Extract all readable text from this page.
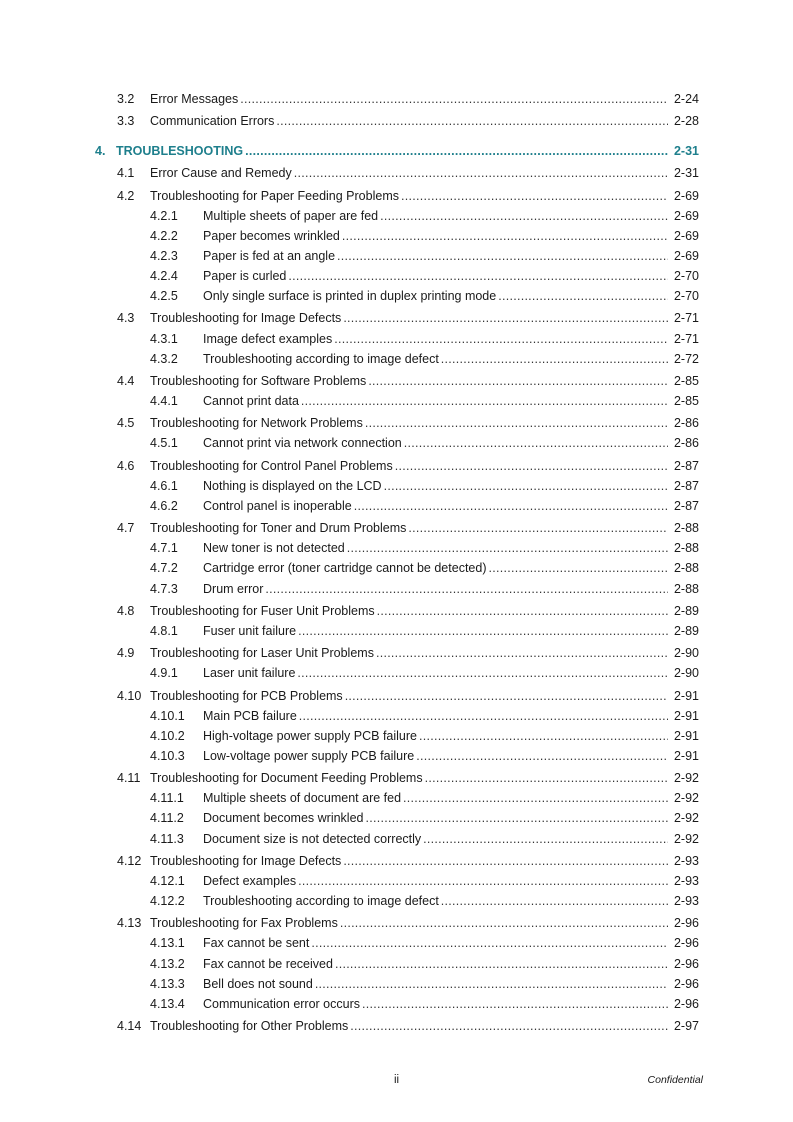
3.2 Error Messages . . .	2-24
3.3 Communication Errors . . .	2-28
4. TROUBLESHOOTING . . .	2-31
4.1 Error Cause and Remedy . . .	2-31
4.2 Troubleshooting for Paper Feeding Problems . . .	2-69
4.2.1 Multiple sheets of paper are fed . . .	2-69
4.2.2 Paper becomes wrinkled . . .	2-69
4.2.3 Paper is fed at an angle . . .	2-69
4.2.4 Paper is curled . . .	2-70
4.2.5 Only single surface is printed in duplex printing mode . . .	2-70
4.3 Troubleshooting for Image Defects . . .	2-71
4.3.1 Image defect examples . . .	2-71
4.3.2 Troubleshooting according to image defect . . .	2-72
4.4 Troubleshooting for Software Problems . . .	2-85
4.4.1 Cannot print data . . .	2-85
4.5 Troubleshooting for Network Problems . . .	2-86
4.5.1 Cannot print via network connection . . .	2-86
4.6 Troubleshooting for Control Panel Problems . . .	2-87
4.6.1 Nothing is displayed on the LCD . . .	2-87
4.6.2 Control panel is inoperable . . .	2-87
4.7 Troubleshooting for Toner and Drum Problems . . .	2-88
4.7.1 New toner is not detected . . .	2-88
4.7.2 Cartridge error (toner cartridge cannot be detected) . . .	2-88
4.7.3 Drum error . . .	2-88
4.8 Troubleshooting for Fuser Unit Problems . . .	2-89
4.8.1 Fuser unit failure . . .	2-89
4.9 Troubleshooting for Laser Unit Problems . . .	2-90
4.9.1 Laser unit failure . . .	2-90
4.10 Troubleshooting for PCB Problems . . .	2-91
4.10.1 Main PCB failure . . .	2-91
4.10.2 High-voltage power supply PCB failure . . .	2-91
4.10.3 Low-voltage power supply PCB failure . . .	2-91
4.11 Troubleshooting for Document Feeding Problems . . .	2-92
4.11.1 Multiple sheets of document are fed . . .	2-92
4.11.2 Document becomes wrinkled . . .	2-92
4.11.3 Document size is not detected correctly . . .	2-92
4.12 Troubleshooting for Image Defects . . .	2-93
4.12.1 Defect examples . . .	2-93
4.12.2 Troubleshooting according to image defect . . .	2-93
4.13 Troubleshooting for Fax Problems . . .	2-96
4.13.1 Fax cannot be sent . . .	2-96
4.13.2 Fax cannot be received . . .	2-96
4.13.3 Bell does not sound . . .	2-96
4.13.4 Communication error occurs . . .	2-96
4.14 Troubleshooting for Other Problems . . .	2-97
ii	Confidential
